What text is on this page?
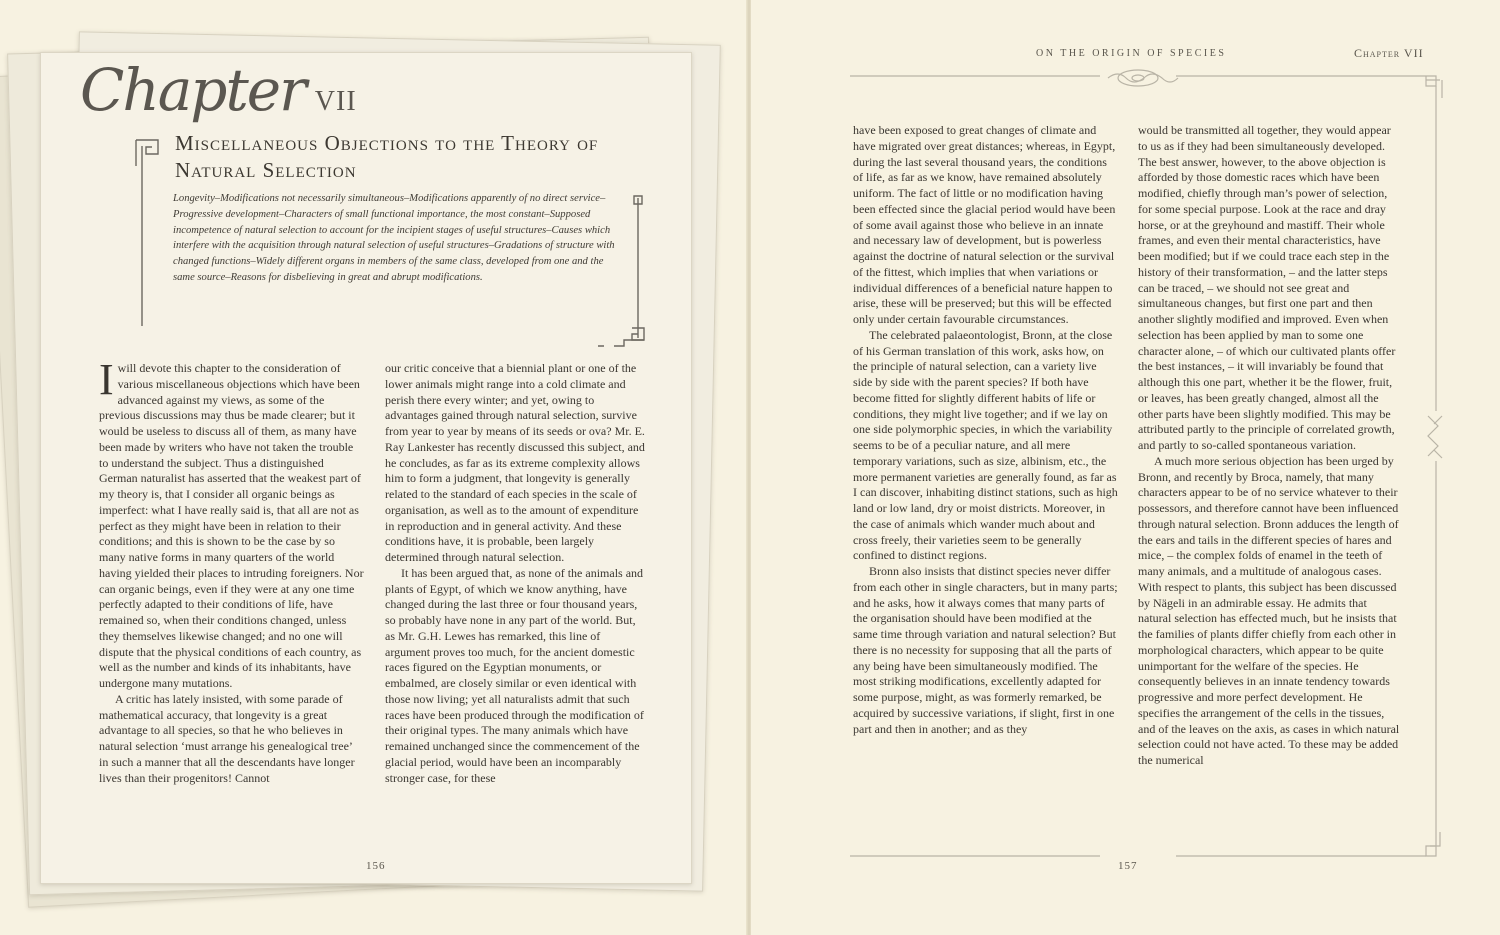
Chapter VII
Miscellaneous Objections to the Theory of Natural Selection
Longevity–Modifications not necessarily simultaneous–Modifications apparently of no direct service–Progressive development–Characters of small functional importance, the most constant–Supposed incompetence of natural selection to account for the incipient stages of useful structures–Causes which interfere with the acquisition through natural selection of useful structures–Gradations of structure with changed functions–Widely different organs in members of the same class, developed from one and the same source–Reasons for disbelieving in great and abrupt modifications.

Iwill devote this chapter to the consideration of various miscellaneous objections which have been advanced against my views, as some of the previous discussions may thus be made clearer; but it would be useless to discuss all of them, as many have been made by writers who have not taken the trouble to understand the subject. Thus a distinguished German naturalist has asserted that the weakest part of my theory is, that I consider all organic beings as imperfect: what I have really said is, that all are not as perfect as they might have been in relation to their conditions; and this is shown to be the case by so many native forms in many quarters of the world having yielded their places to intruding foreigners. Nor can organic beings, even if they were at any one time perfectly adapted to their conditions of life, have remained so, when their conditions changed, unless they themselves likewise changed; and no one will dispute that the physical conditions of each country, as well as the number and kinds of its inhabitants, have undergone many mutations.

A critic has lately insisted, with some parade of mathematical accuracy, that longevity is a great advantage to all species, so that he who believes in natural selection ‘must arrange his genealogical tree’ in such a manner that all the descendants have longer lives than their progenitors! Cannot

our critic conceive that a biennial plant or one of the lower animals might range into a cold climate and perish there every winter; and yet, owing to advantages gained through natural selection, survive from year to year by means of its seeds or ova? Mr. E. Ray Lankester has recently discussed this subject, and he concludes, as far as its extreme complexity allows him to form a judgment, that longevity is generally related to the standard of each species in the scale of organisation, as well as to the amount of expenditure in reproduction and in general activity. And these conditions have, it is probable, been largely determined through natural selection.

It has been argued that, as none of the animals and plants of Egypt, of which we know anything, have changed during the last three or four thousand years, so probably have none in any part of the world. But, as Mr. G.H. Lewes has remarked, this line of argument proves too much, for the ancient domestic races figured on the Egyptian monuments, or embalmed, are closely similar or even identical with those now living; yet all naturalists admit that such races have been produced through the modification of their original types. The many animals which have remained unchanged since the commencement of the glacial period, would have been an incomparably stronger case, for these

156
ON THE ORIGIN OF SPECIES	Chapter VII

have been exposed to great changes of climate and have migrated over great distances; whereas, in Egypt, during the last several thousand years, the conditions of life, as far as we know, have remained absolutely uniform. The fact of little or no modification having been effected since the glacial period would have been of some avail against those who believe in an innate and necessary law of development, but is powerless against the doctrine of natural selection or the survival of the fittest, which implies that when variations or individual differences of a beneficial nature happen to arise, these will be preserved; but this will be effected only under certain favourable circumstances.

The celebrated palaeontologist, Bronn, at the close of his German translation of this work, asks how, on the principle of natural selection, can a variety live side by side with the parent species? If both have become fitted for slightly different habits of life or conditions, they might live together; and if we lay on one side polymorphic species, in which the variability seems to be of a peculiar nature, and all mere temporary variations, such as size, albinism, etc., the more permanent varieties are generally found, as far as I can discover, inhabiting distinct stations, such as high land or low land, dry or moist districts. Moreover, in the case of animals which wander much about and cross freely, their varieties seem to be generally confined to distinct regions.

Bronn also insists that distinct species never differ from each other in single characters, but in many parts; and he asks, how it always comes that many parts of the organisation should have been modified at the same time through variation and natural selection? But there is no necessity for supposing that all the parts of any being have been simultaneously modified. The most striking modifications, excellently adapted for some purpose, might, as was formerly remarked, be acquired by successive variations, if slight, first in one part and then in another; and as they

would be transmitted all together, they would appear to us as if they had been simultaneously developed. The best answer, however, to the above objection is afforded by those domestic races which have been modified, chiefly through man’s power of selection, for some special purpose. Look at the race and dray horse, or at the greyhound and mastiff. Their whole frames, and even their mental characteristics, have been modified; but if we could trace each step in the history of their transformation, – and the latter steps can be traced, – we should not see great and simultaneous changes, but first one part and then another slightly modified and improved. Even when selection has been applied by man to some one character alone, – of which our cultivated plants offer the best instances, – it will invariably be found that although this one part, whether it be the flower, fruit, or leaves, has been greatly changed, almost all the other parts have been slightly modified. This may be attributed partly to the principle of correlated growth, and partly to so-called spontaneous variation.

A much more serious objection has been urged by Bronn, and recently by Broca, namely, that many characters appear to be of no service whatever to their possessors, and therefore cannot have been influenced through natural selection. Bronn adduces the length of the ears and tails in the different species of hares and mice, – the complex folds of enamel in the teeth of many animals, and a multitude of analogous cases. With respect to plants, this subject has been discussed by Nägeli in an admirable essay. He admits that natural selection has effected much, but he insists that the families of plants differ chiefly from each other in morphological characters, which appear to be quite unimportant for the welfare of the species. He consequently believes in an innate tendency towards progressive and more perfect development. He specifies the arrangement of the cells in the tissues, and of the leaves on the axis, as cases in which natural selection could not have acted. To these may be added the numerical

157
